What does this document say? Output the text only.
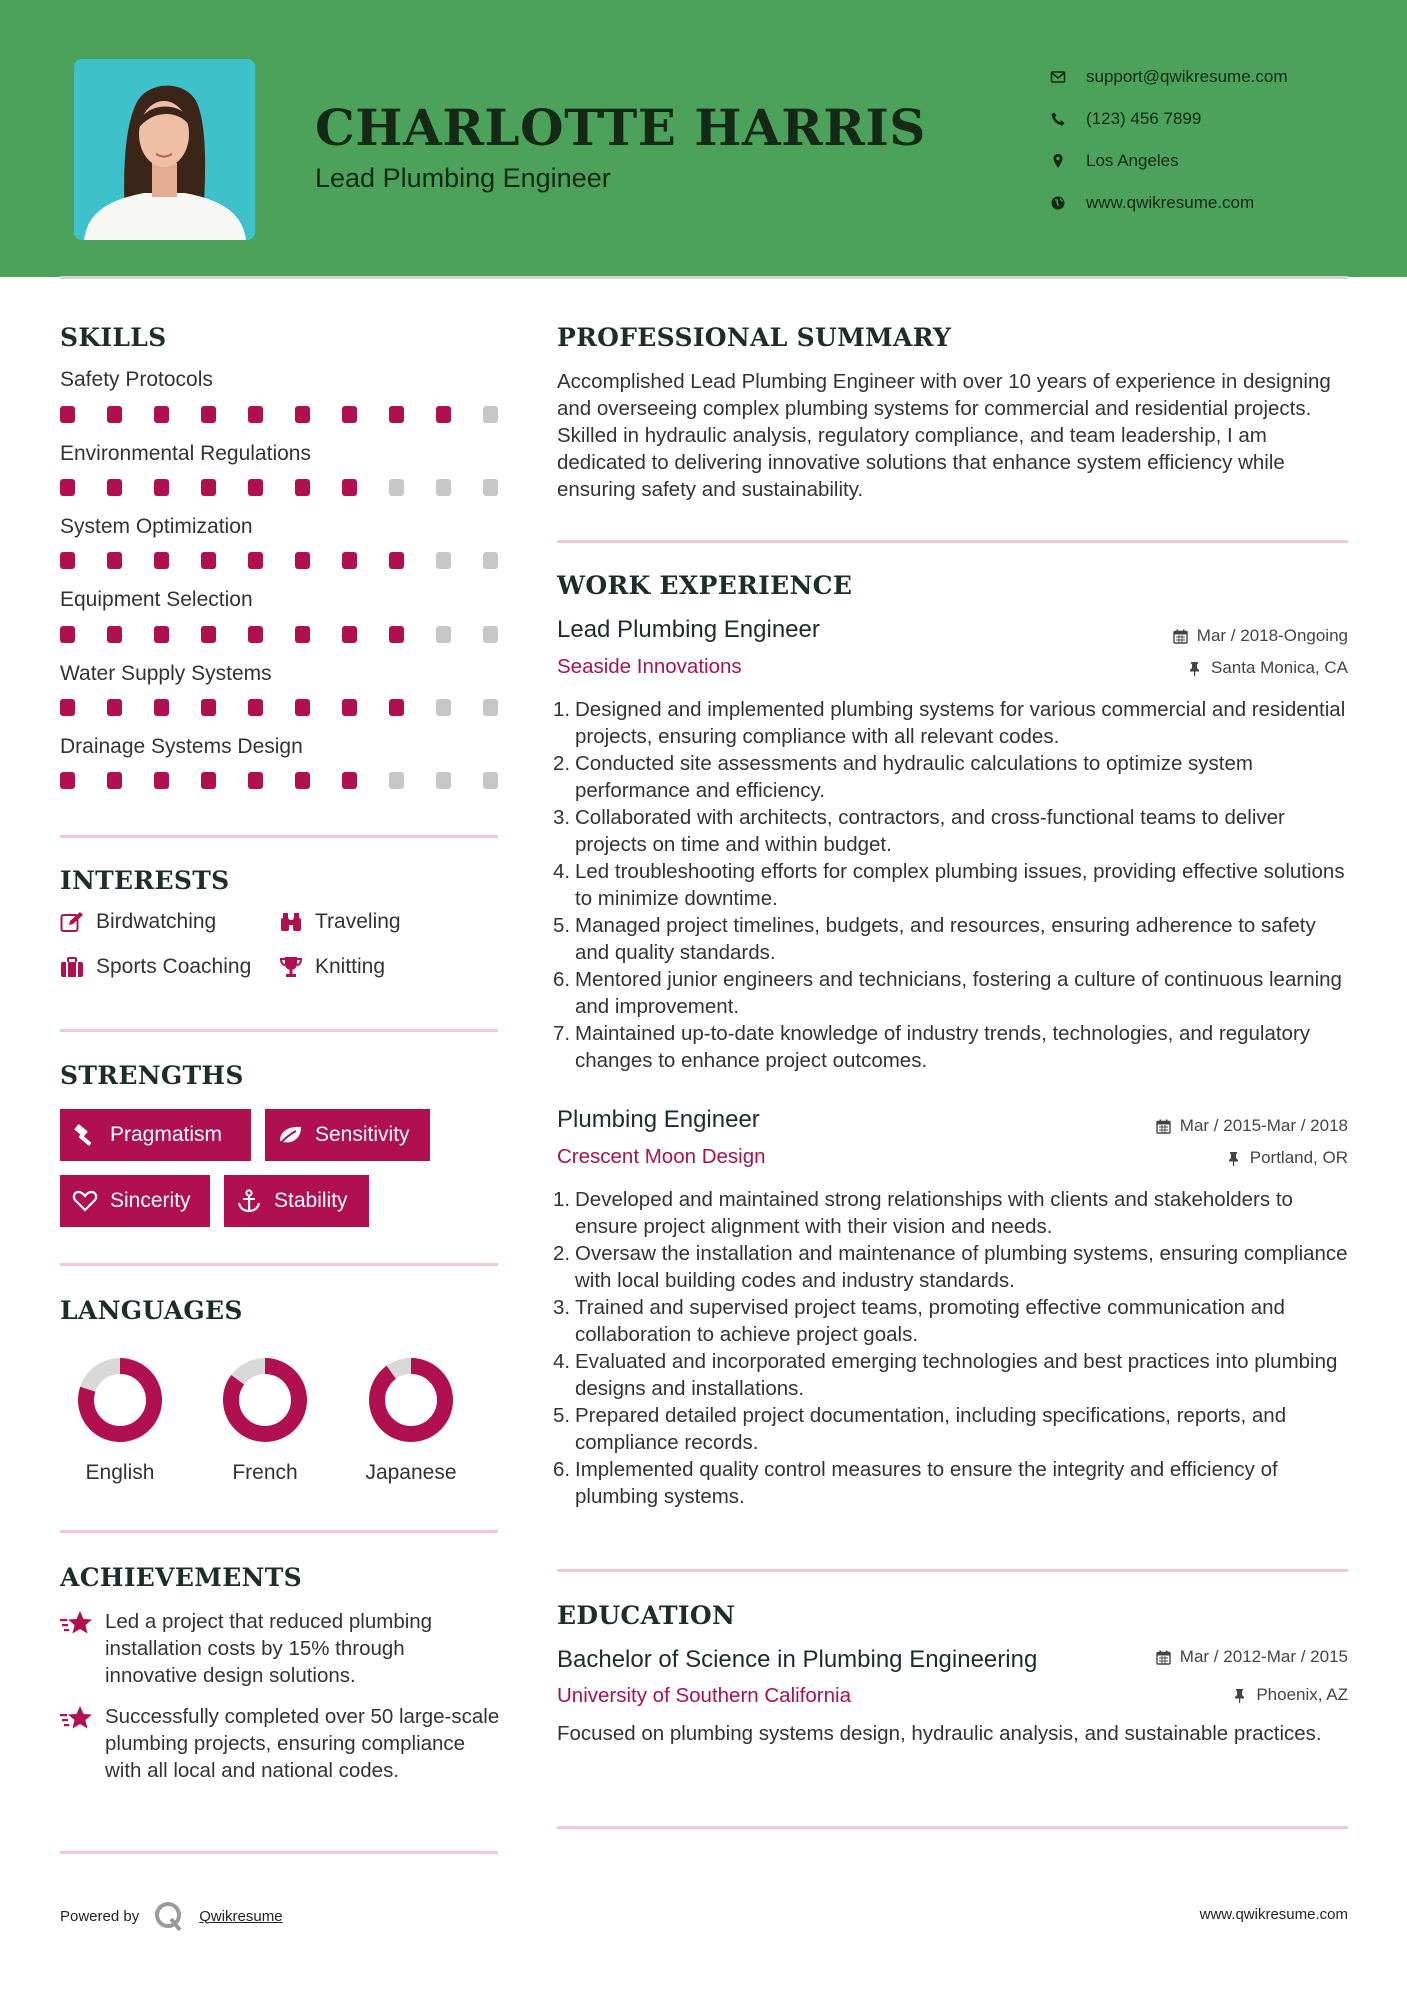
CHARLOTTE HARRIS
Lead Plumbing Engineer
support@qwikresume.com
(123) 456 7899
Los Angeles
www.qwikresume.com
SKILLS
Safety Protocols
Environmental Regulations
System Optimization
Equipment Selection
Water Supply Systems
Drainage Systems Design
INTERESTS
Birdwatching	Traveling
Sports Coaching	Knitting
STRENGTHS
Pragmatism	Sensitivity
Sincerity	Stability
LANGUAGES
English	French	Japanese
ACHIEVEMENTS
Led a project that reduced plumbing installation costs by 15% through innovative design solutions.
Successfully completed over 50 large-scale plumbing projects, ensuring compliance with all local and national codes.
PROFESSIONAL SUMMARY
Accomplished Lead Plumbing Engineer with over 10 years of experience in designing and overseeing complex plumbing systems for commercial and residential projects. Skilled in hydraulic analysis, regulatory compliance, and team leadership, I am dedicated to delivering innovative solutions that enhance system efficiency while ensuring safety and sustainability.
WORK EXPERIENCE
Lead Plumbing Engineer	Mar / 2018-Ongoing
Seaside Innovations	Santa Monica, CA
1. Designed and implemented plumbing systems for various commercial and residential projects, ensuring compliance with all relevant codes.
2. Conducted site assessments and hydraulic calculations to optimize system performance and efficiency.
3. Collaborated with architects, contractors, and cross-functional teams to deliver projects on time and within budget.
4. Led troubleshooting efforts for complex plumbing issues, providing effective solutions to minimize downtime.
5. Managed project timelines, budgets, and resources, ensuring adherence to safety and quality standards.
6. Mentored junior engineers and technicians, fostering a culture of continuous learning and improvement.
7. Maintained up-to-date knowledge of industry trends, technologies, and regulatory changes to enhance project outcomes.
Plumbing Engineer	Mar / 2015-Mar / 2018
Crescent Moon Design	Portland, OR
1. Developed and maintained strong relationships with clients and stakeholders to ensure project alignment with their vision and needs.
2. Oversaw the installation and maintenance of plumbing systems, ensuring compliance with local building codes and industry standards.
3. Trained and supervised project teams, promoting effective communication and collaboration to achieve project goals.
4. Evaluated and incorporated emerging technologies and best practices into plumbing designs and installations.
5. Prepared detailed project documentation, including specifications, reports, and compliance records.
6. Implemented quality control measures to ensure the integrity and efficiency of plumbing systems.
EDUCATION
Bachelor of Science in Plumbing Engineering	Mar / 2012-Mar / 2015
University of Southern California	Phoenix, AZ
Focused on plumbing systems design, hydraulic analysis, and sustainable practices.
Powered by	Qwikresume	www.qwikresume.com
